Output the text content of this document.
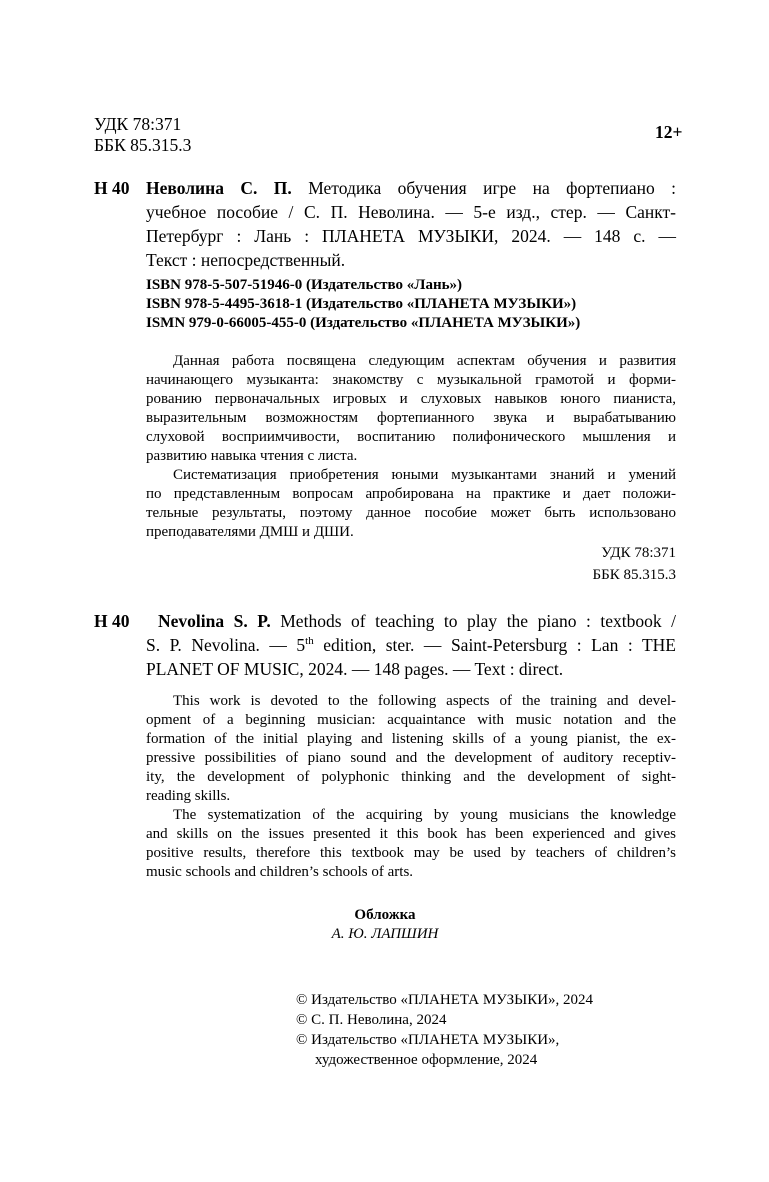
УДК 78:371
ББК 85.315.3
12+
Н 40 Неволина С. П. Методика обучения игре на фортепиано :
учебное пособие / С. П. Неволина. — 5-е изд., стер. — Санкт-
Петербург : Лань : ПЛАНЕТА МУЗЫКИ, 2024. — 148 с. —
Текст : непосредственный.
ISBN 978-5-507-51946-0 (Издательство «Лань»)
ISBN 978-5-4495-3618-1 (Издательство «ПЛАНЕТА МУЗЫКИ»)
ISMN 979-0-66005-455-0 (Издательство «ПЛАНЕТА МУЗЫКИ»)
Данная работа посвящена следующим аспектам обучения и развития
начинающего музыканта: знакомству с музыкальной грамотой и форми-
рованию первоначальных игровых и слуховых навыков юного пианиста,
выразительным возможностям фортепианного звука и вырабатыванию
слуховой восприимчивости, воспитанию полифонического мышления и
развитию навыка чтения с листа.
Систематизация приобретения юными музыкантами знаний и умений
по представленным вопросам апробирована на практике и дает положи-
тельные результаты, поэтому данное пособие может быть использовано
преподавателями ДМШ и ДШИ.
УДК 78:371
ББК 85.315.3
Н 40 Nevolina S. P. Methods of teaching to play the piano : textbook /
S. P. Nevolina. — 5th edition, ster. — Saint-Petersburg : Lan : THE
PLANET OF MUSIC, 2024. — 148 pages. — Text : direct.
This work is devoted to the following aspects of the training and devel-
opment of a beginning musician: acquaintance with music notation and the
formation of the initial playing and listening skills of a young pianist, the ex-
pressive possibilities of piano sound and the development of auditory receptiv-
ity, the development of polyphonic thinking and the development of sight-
reading skills.
The systematization of the acquiring by young musicians the knowledge
and skills on the issues presented it this book has been experienced and gives
positive results, therefore this textbook may be used by teachers of children’s
music schools and children’s schools of arts.
Обложка
А. Ю. ЛАПШИН
© Издательство «ПЛАНЕТА МУЗЫКИ», 2024
© С. П. Неволина, 2024
© Издательство «ПЛАНЕТА МУЗЫКИ»,
художественное оформление, 2024
